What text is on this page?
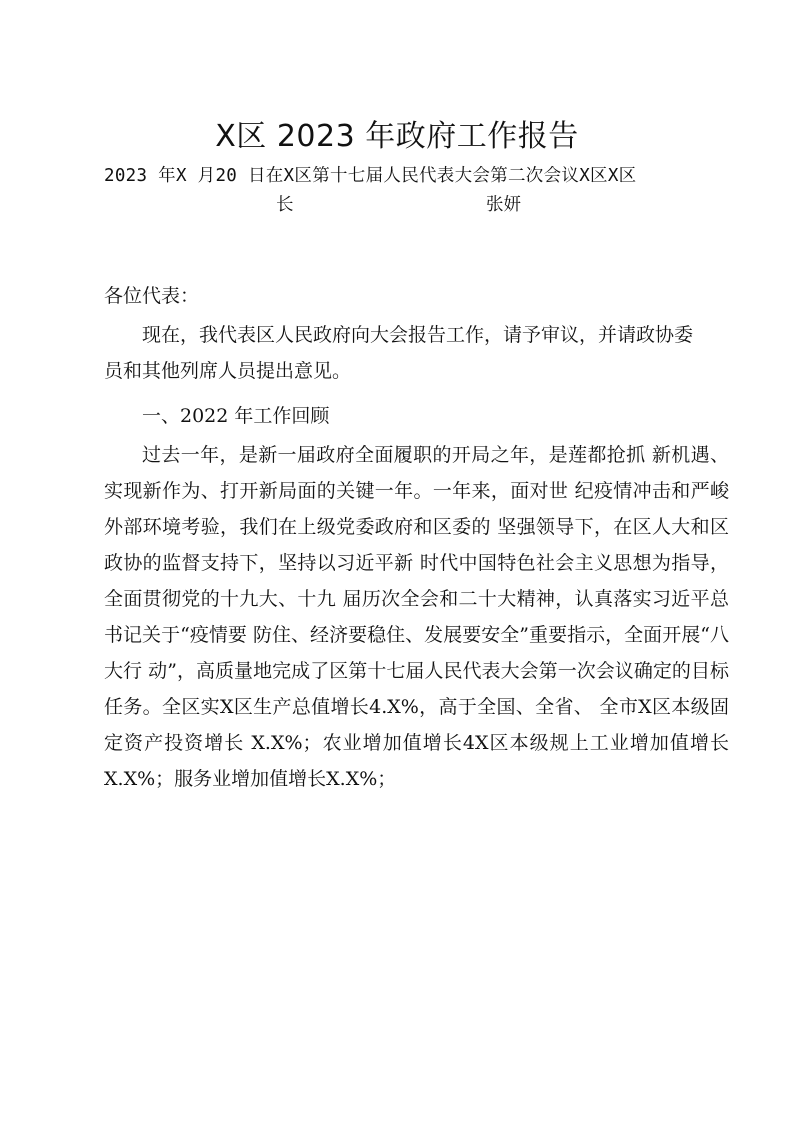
X区 2023 年政府工作报告
2023 年X 月20 日在X区第十七届人民代表大会第二次会议X区X区
长	张妍
各位代表：
现在，我代表区人民政府向大会报告工作，请予审议，并请政协委员和其他列席人员提出意见。
一、2022 年工作回顾
过去一年，是新一届政府全面履职的开局之年，是莲都抢抓 新机遇、实现新作为、打开新局面的关键一年。一年来，面对世 纪疫情冲击和严峻外部环境考验，我们在上级党委政府和区委的 坚强领导下，在区人大和区政协的监督支持下，坚持以习近平新 时代中国特色社会主义思想为指导，全面贯彻党的十九大、十九 届历次全会和二十大精神，认真落实习近平总书记关于“疫情要 防住、经济要稳住、发展要安全”重要指示，全面开展“八大行 动”，高质量地完成了区第十七届人民代表大会第一次会议确定的目标任务。全区实X区生产总值增长4.X%，高于全国、全省、 全市X区本级固定资产投资增长 X.X%；农业增加值增长4X区本级规上工业增加值增长X.X%；服务业增加值增长X.X%；
